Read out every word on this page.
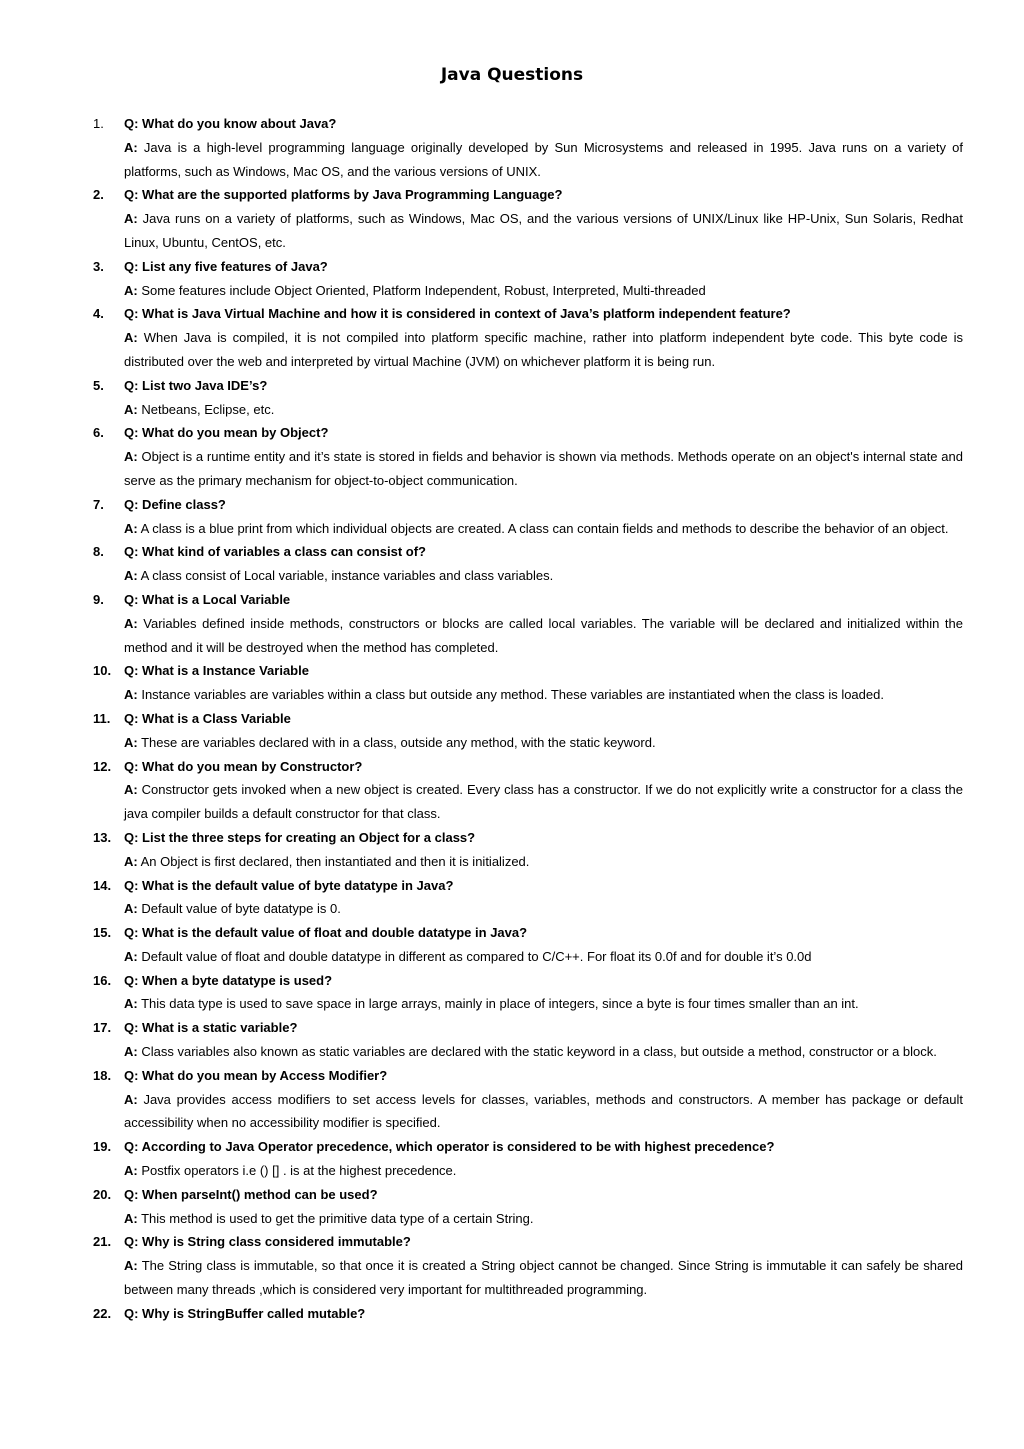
Java Questions
1.	Q: What do you know about Java?
A: Java is a high-level programming language originally developed by Sun Microsystems and released in 1995. Java runs on a variety of platforms, such as Windows, Mac OS, and the various versions of UNIX.
2.	Q: What are the supported platforms by Java Programming Language?
A: Java runs on a variety of platforms, such as Windows, Mac OS, and the various versions of UNIX/Linux like HP-Unix, Sun Solaris, Redhat Linux, Ubuntu, CentOS, etc.
3.	Q: List any five features of Java?
A: Some features include Object Oriented, Platform Independent, Robust, Interpreted, Multi-threaded
4.	Q: What is Java Virtual Machine and how it is considered in context of Java’s platform independent feature?
A: When Java is compiled, it is not compiled into platform specific machine, rather into platform independent byte code. This byte code is distributed over the web and interpreted by virtual Machine (JVM) on whichever platform it is being run.
5.	Q: List two Java IDE’s?
A: Netbeans, Eclipse, etc.
6.	Q: What do you mean by Object?
A: Object is a runtime entity and it’s state is stored in fields and behavior is shown via methods. Methods operate on an object's internal state and serve as the primary mechanism for object-to-object communication.
7.	Q: Define class?
A: A class is a blue print from which individual objects are created. A class can contain fields and methods to describe the behavior of an object.
8.	Q: What kind of variables a class can consist of?
A: A class consist of Local variable, instance variables and class variables.
9.	Q: What is a Local Variable
A: Variables defined inside methods, constructors or blocks are called local variables. The variable will be declared and initialized within the method and it will be destroyed when the method has completed.
10. Q: What is a Instance Variable
A: Instance variables are variables within a class but outside any method. These variables are instantiated when the class is loaded.
11.	Q: What is a Class Variable
A: These are variables declared with in a class, outside any method, with the static keyword.
12. Q: What do you mean by Constructor?
A: Constructor gets invoked when a new object is created. Every class has a constructor. If we do not explicitly write a constructor for a class the java compiler builds a default constructor for that class.
13. Q: List the three steps for creating an Object for a class?
A: An Object is first declared, then instantiated and then it is initialized.
14. Q: What is the default value of byte datatype in Java?
A: Default value of byte datatype is 0.
15. Q: What is the default value of float and double datatype in Java?
A: Default value of float and double datatype in different as compared to C/C++. For float its 0.0f and for double it’s 0.0d
16. Q: When a byte datatype is used?
A: This data type is used to save space in large arrays, mainly in place of integers, since a byte is four times smaller than an int.
17. Q: What is a static variable?
A: Class variables also known as static variables are declared with the static keyword in a class, but outside a method, constructor or a block.
18. Q: What do you mean by Access Modifier?
A: Java provides access modifiers to set access levels for classes, variables, methods and constructors. A member has package or default accessibility when no accessibility modifier is specified.
19. Q: According to Java Operator precedence, which operator is considered to be with highest precedence?
A: Postfix operators i.e () [] . is at the highest precedence.
20. Q: When parseInt() method can be used?
A: This method is used to get the primitive data type of a certain String.
21. Q: Why is String class considered immutable?
A: The String class is immutable, so that once it is created a String object cannot be changed. Since String is immutable it can safely be shared between many threads ,which is considered very important for multithreaded programming.
22. Q: Why is StringBuffer called mutable?
